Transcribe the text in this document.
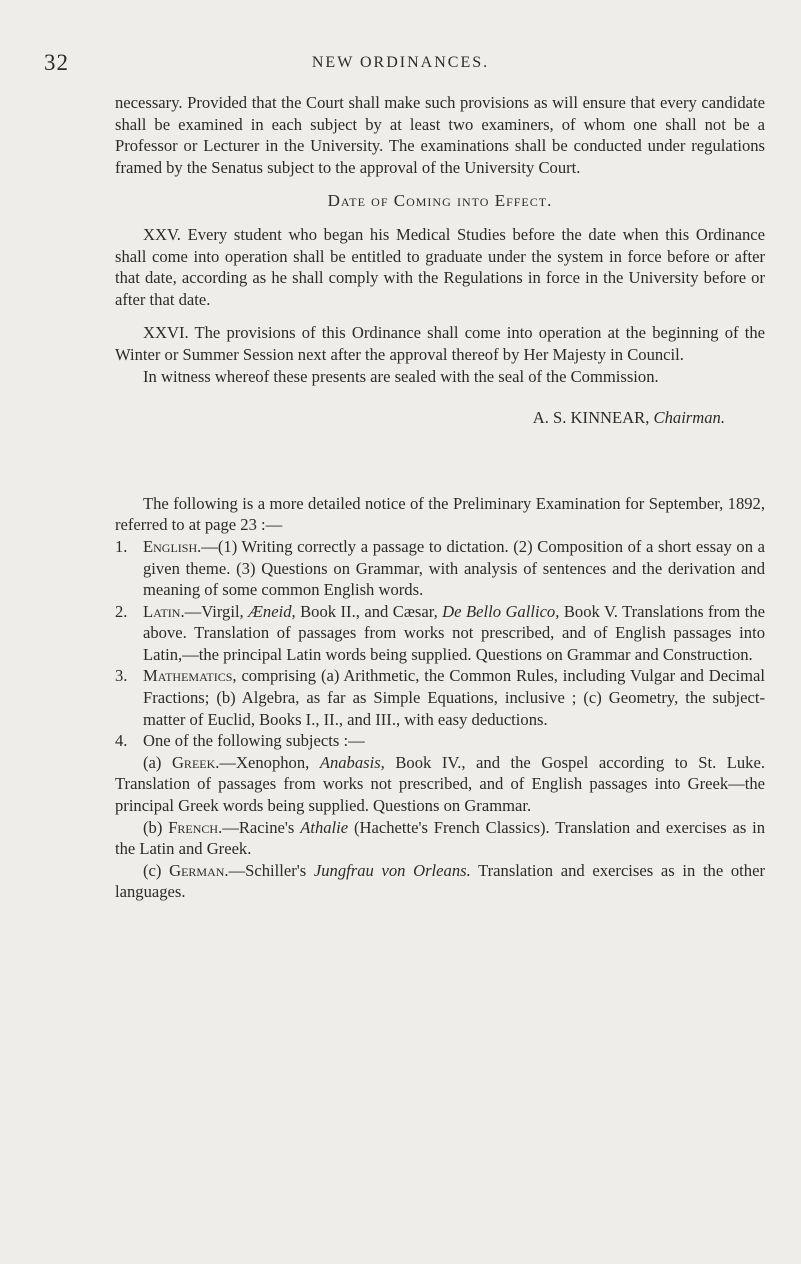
32	NEW ORDINANCES.

necessary. Provided that the Court shall make such provisions as will ensure that every candidate shall be examined in each subject by at least two examiners, of whom one shall not be a Professor or Lecturer in the University. The examinations shall be conducted under regulations framed by the Senatus subject to the approval of the University Court.

Date of Coming into Effect.

XXV. Every student who began his Medical Studies before the date when this Ordinance shall come into operation shall be entitled to graduate under the system in force before or after that date, according as he shall comply with the Regulations in force in the University before or after that date.

XXVI. The provisions of this Ordinance shall come into operation at the beginning of the Winter or Summer Session next after the approval thereof by Her Majesty in Council.

In witness whereof these presents are sealed with the seal of the Commission.

A. S. KINNEAR, Chairman.

The following is a more detailed notice of the Preliminary Examination for September, 1892, referred to at page 23 :—

1. English.—(1) Writing correctly a passage to dictation. (2) Composition of a short essay on a given theme. (3) Questions on Grammar, with analysis of sentences and the derivation and meaning of some common English words.
2. Latin.—Virgil, Æneid, Book II., and Cæsar, De Bello Gallico, Book V. Translations from the above. Translation of passages from works not prescribed, and of English passages into Latin,—the principal Latin words being supplied. Questions on Grammar and Construction.
3. Mathematics, comprising (a) Arithmetic, the Common Rules, including Vulgar and Decimal Fractions; (b) Algebra, as far as Simple Equations, inclusive ; (c) Geometry, the subject-matter of Euclid, Books I., II., and III., with easy deductions.
4. One of the following subjects :—
(a) Greek.—Xenophon, Anabasis, Book IV., and the Gospel according to St. Luke. Translation of passages from works not prescribed, and of English passages into Greek—the principal Greek words being supplied. Questions on Grammar.
(b) French.—Racine's Athalie (Hachette's French Classics). Translation and exercises as in the Latin and Greek.
(c) German.—Schiller's Jungfrau von Orleans. Translation and exercises as in the other languages.
